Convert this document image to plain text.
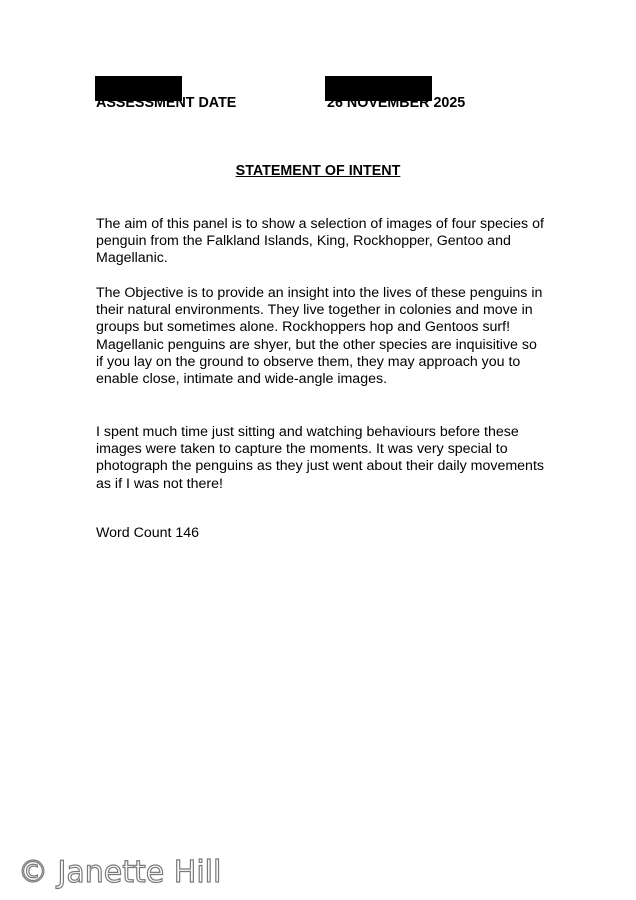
ASSESSMENT DATE	26 NOVEMBER 2025
STATEMENT OF INTENT
The aim of this panel is to show a selection of images of four species of penguin from the Falkland Islands, King, Rockhopper, Gentoo and Magellanic.
The Objective is to provide an insight into the lives of these penguins in their natural environments. They live together in colonies and move in groups but sometimes alone. Rockhoppers hop and Gentoos surf! Magellanic penguins are shyer, but the other species are inquisitive so if you lay on the ground to observe them, they may approach you to enable close, intimate and wide-angle images.
I spent much time just sitting and watching behaviours before these images were taken to capture the moments. It was very special to photograph the penguins as they just went about their daily movements as if I was not there!
Word Count 146
© Janette Hill
